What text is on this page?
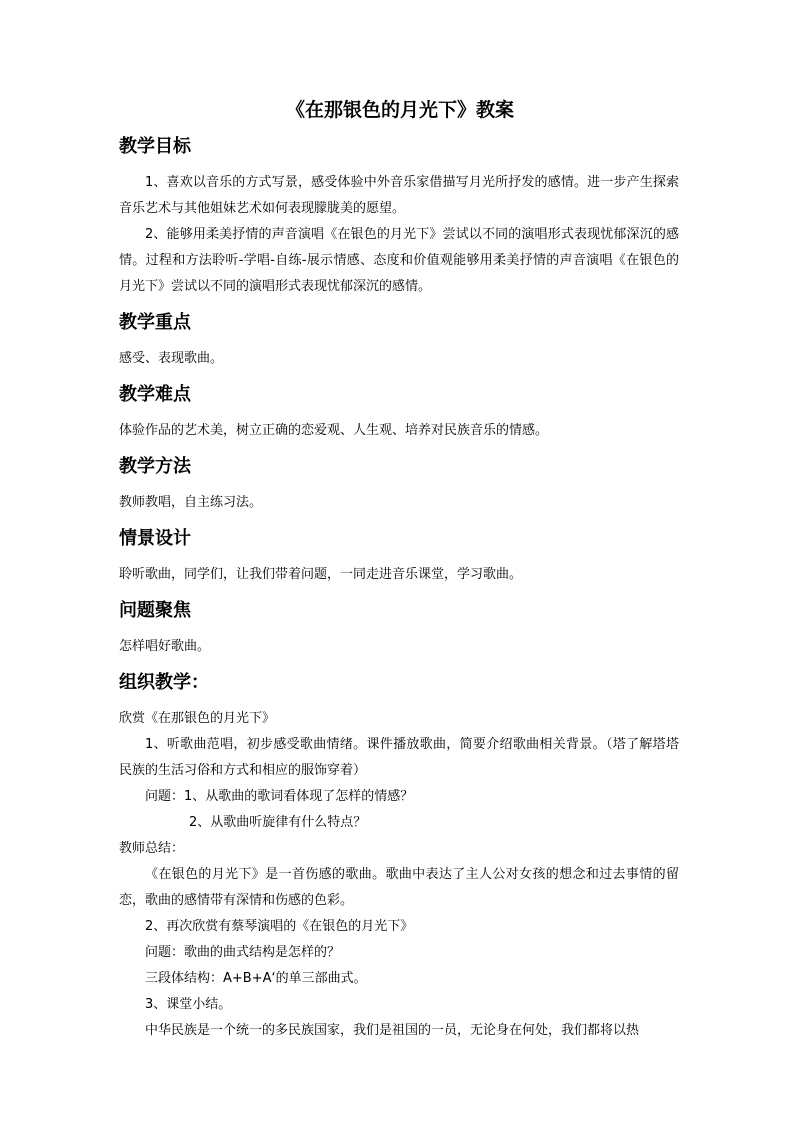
《在那银色的月光下》教案
教学目标

1、喜欢以音乐的方式写景，感受体验中外音乐家借描写月光所抒发的感情。进一步产生探索音乐艺术与其他姐妹艺术如何表现朦胧美的愿望。

2、能够用柔美抒情的声音演唱《在银色的月光下》尝试以不同的演唱形式表现忧郁深沉的感情。过程和方法聆听-学唱-自练-展示情感、态度和价值观能够用柔美抒情的声音演唱《在银色的月光下》尝试以不同的演唱形式表现忧郁深沉的感情。

教学重点

感受、表现歌曲。

教学难点

体验作品的艺术美，树立正确的恋爱观、人生观、培养对民族音乐的情感。

教学方法

教师教唱，自主练习法。

情景设计

聆听歌曲，同学们，让我们带着问题，一同走进音乐课堂，学习歌曲。

问题聚焦

怎样唱好歌曲。

组织教学：

欣赏《在那银色的月光下》

1、听歌曲范唱，初步感受歌曲情绪。课件播放歌曲，简要介绍歌曲相关背景。（塔了解塔塔民族的生活习俗和方式和相应的服饰穿着）

问题：1、从歌曲的歌词看体现了怎样的情感？

2、从歌曲听旋律有什么特点？

教师总结：

《在银色的月光下》是一首伤感的歌曲。歌曲中表达了主人公对女孩的想念和过去事情的留恋，歌曲的感情带有深情和伤感的色彩。

2、再次欣赏有蔡琴演唱的《在银色的月光下》

问题：歌曲的曲式结构是怎样的？

三段体结构：A+B+A‘的单三部曲式。

3、课堂小结。

中华民族是一个统一的多民族国家，我们是祖国的一员，无论身在何处，我们都将以热
